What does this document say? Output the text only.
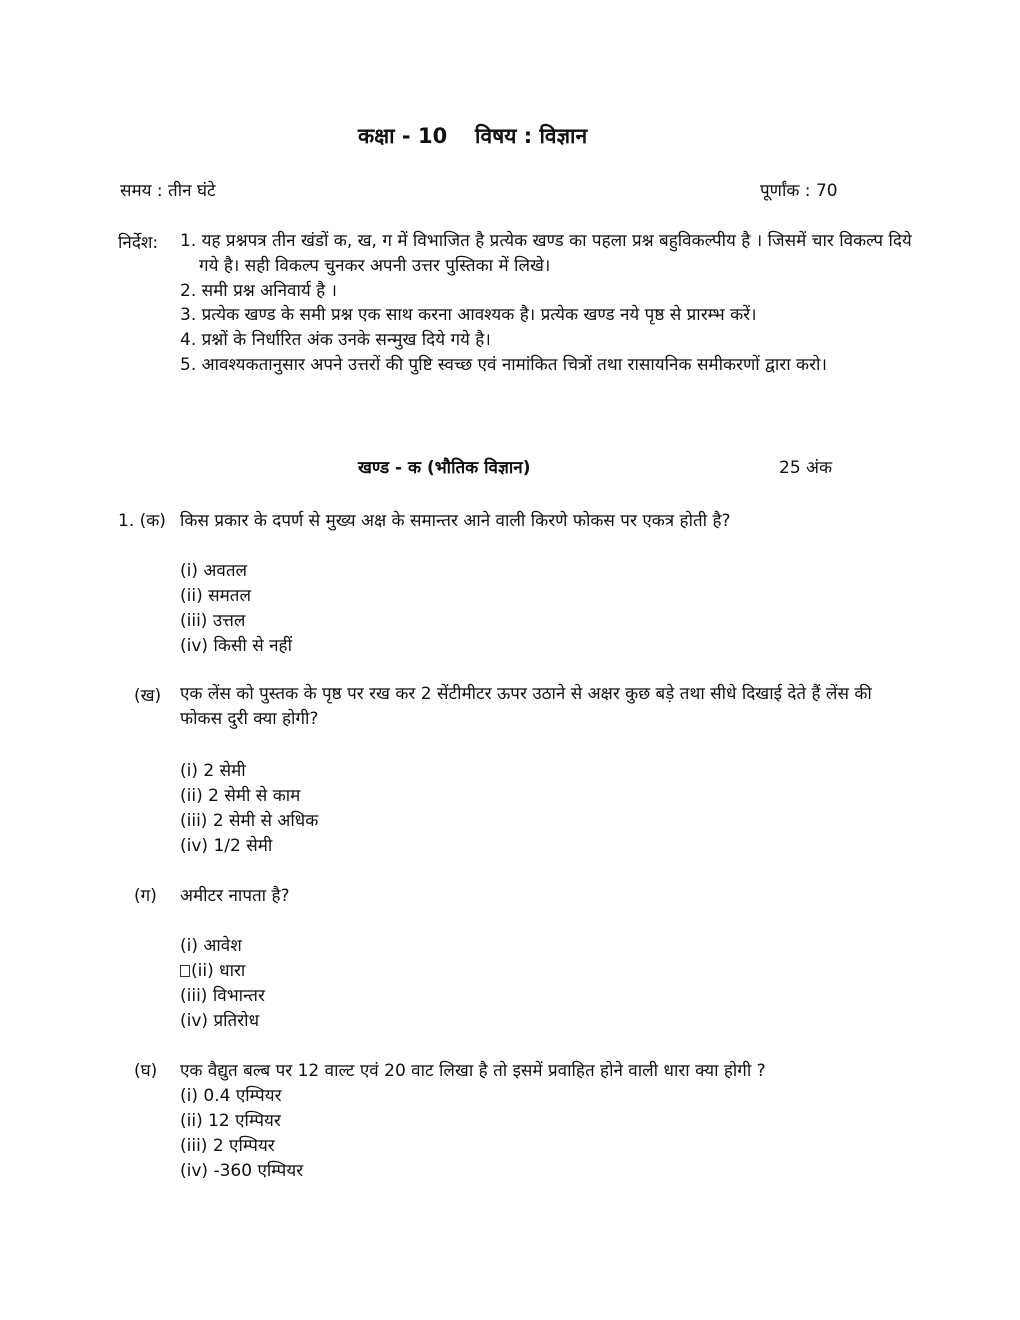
कक्षा - 10 विषय : विज्ञान
समय : तीन घंटे	पूर्णांक : 70
निर्देश: 1. यह प्रश्नपत्र तीन खंडों क, ख, ग में विभाजित है प्रत्येक खण्ड का पहला प्रश्न बहुविकल्पीय है । जिसमें चार विकल्प दिये गये है। सही विकल्प चुनकर अपनी उत्तर पुस्तिका में लिखे।
2. समी प्रश्न अनिवार्य है ।
3. प्रत्येक खण्ड के समी प्रश्न एक साथ करना आवश्यक है। प्रत्येक खण्ड नये पृष्ठ से प्रारम्भ करें।
4. प्रश्नों के निर्धारित अंक उनके सन्मुख दिये गये है।
5. आवश्यकतानुसार अपने उत्तरों की पुष्टि स्वच्छ एवं नामांकित चित्रों तथा रासायनिक समीकरणों द्वारा करो।
खण्ड - क (भौतिक विज्ञान)	25 अंक
1. (क) किस प्रकार के दपर्ण से मुख्य अक्ष के समान्तर आने वाली किरणे फोकस पर एकत्र होती है?
(i) अवतल
(ii) समतल
(iii) उत्तल
(iv) किसी से नहीं
(ख) एक लेंस को पुस्तक के पृष्ठ पर रख कर 2 सेंटीमीटर ऊपर उठाने से अक्षर कुछ बड़े तथा सीधे दिखाई देते हैं लेंस की फोकस दुरी क्या होगी?
(i) 2 सेमी
(ii) 2 सेमी से काम
(iii) 2 सेमी से अधिक
(iv) 1/2 सेमी
(ग) अमीटर नापता है?
(i) आवेश
(ii) धारा
(iii) विभान्तर
(iv) प्रतिरोध
(घ) एक वैद्युत बल्ब पर 12 वाल्ट एवं 20 वाट लिखा है तो इसमें प्रवाहित होने वाली धारा क्या होगी ?
(i) 0.4 एम्पियर
(ii) 12 एम्पियर
(iii) 2 एम्पियर
(iv) -360 एम्पियर
